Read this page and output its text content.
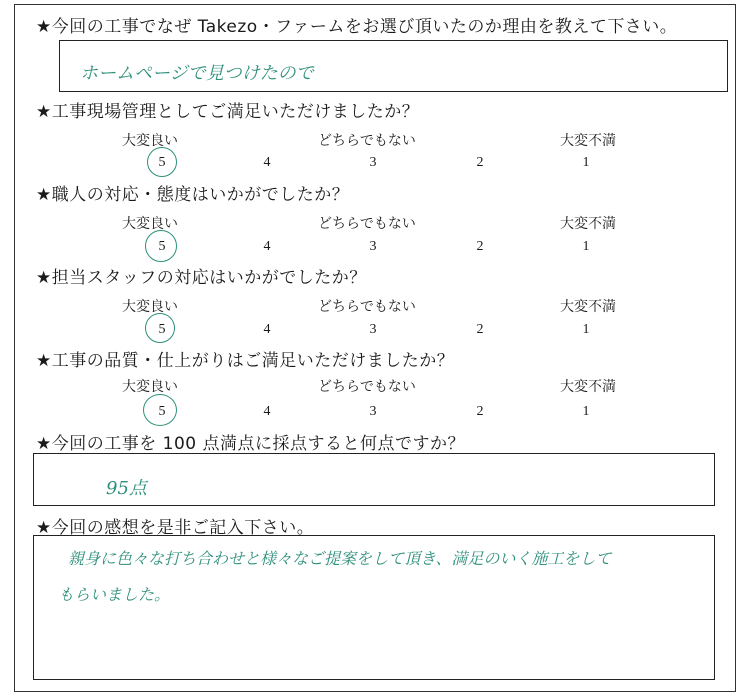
★今回の工事でなぜ Takezo・ファームをお選び頂いたのか理由を教えて下さい。
ホームページで見つけたので
★工事現場管理としてご満足いただけましたか？
大変良い	どちらでもない	大変不満
5	4	3	2	1
★職人の対応・態度はいかがでしたか？
大変良い	どちらでもない	大変不満
5	4	3	2	1
★担当スタッフの対応はいかがでしたか？
大変良い	どちらでもない	大変不満
5	4	3	2	1
★工事の品質・仕上がりはご満足いただけましたか？
大変良い	どちらでもない	大変不満
5	4	3	2	1
★今回の工事を 100 点満点に採点すると何点ですか？
95点
★今回の感想を是非ご記入下さい。
親身に色々な打ち合わせと様々なご提案をして頂き、満足のいく施工をして
もらいました。
